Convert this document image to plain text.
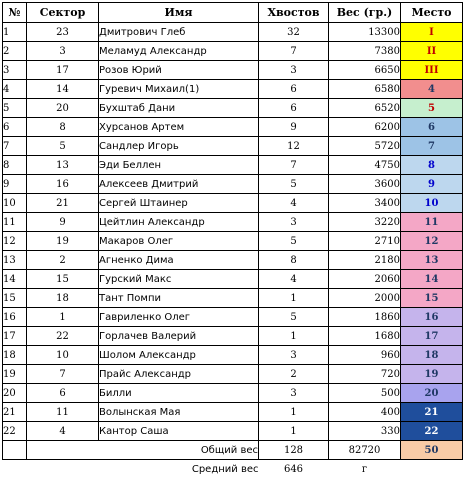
№	Сектор	Имя	Хвостов	Вес (гр.)	Место
1	23	Дмитрович Глеб	32	13300	I
2	3	Меламуд Александр	7	7380	II
3	17	Розов Юрий	3	6650	III
4	14	Гуревич Михаил(1)	6	6580	4
5	20	Бухштаб Дани	6	6520	5
6	8	Хурсанов Артем	9	6200	6
7	5	Сандлер Игорь	12	5720	7
8	13	Эди Беллен	7	4750	8
9	16	Алексеев Дмитрий	5	3600	9
10	21	Сергей Штаинер	4	3400	10
11	9	Цейтлин Александр	3	3220	11
12	19	Макаров Олег	5	2710	12
13	2	Агненко Дима	8	2180	13
14	15	Гурский Макс	4	2060	14
15	18	Тант Помпи	1	2000	15
16	1	Гавриленко Олег	5	1860	16
17	22	Горлачев Валерий	1	1680	17
18	10	Шолом Александр	3	960	18
19	7	Прайс Александр	2	720	19
20	6	Билли	3	500	20
21	11	Волынская Мая	1	400	21
22	4	Кантор Саша	1	330	22
	Общий вес		128	82720	50
	Средний вес		646	г	
